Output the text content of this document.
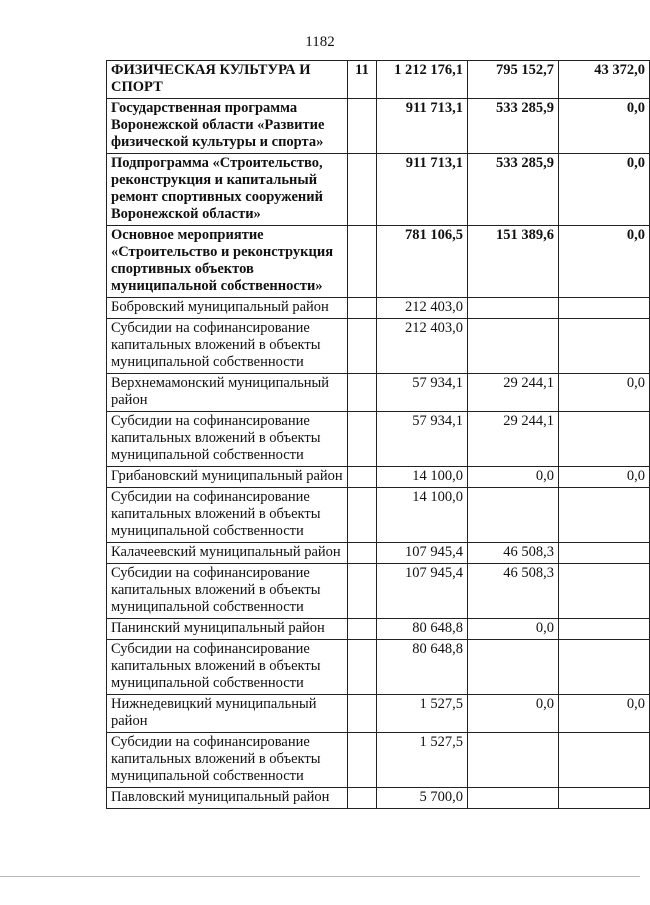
1182
ФИЗИЧЕСКАЯ КУЛЬТУРА И СПОРТ	11	1 212 176,1	795 152,7	43 372,0
Государственная программа Воронежской области «Развитие физической культуры и спорта»		911 713,1	533 285,9	0,0
Подпрограмма «Строительство, реконструкция и капитальный ремонт спортивных сооружений Воронежской области»		911 713,1	533 285,9	0,0
Основное мероприятие «Строительство и реконструкция спортивных объектов муниципальной собственности»		781 106,5	151 389,6	0,0
Бобровский муниципальный район		212 403,0		
Субсидии на софинансирование капитальных вложений в объекты муниципальной собственности		212 403,0		
Верхнемамонский муниципальный район		57 934,1	29 244,1	0,0
Субсидии на софинансирование капитальных вложений в объекты муниципальной собственности		57 934,1	29 244,1	
Грибановский муниципальный район		14 100,0	0,0	0,0
Субсидии на софинансирование капитальных вложений в объекты муниципальной собственности		14 100,0		
Калачеевский муниципальный район		107 945,4	46 508,3	
Субсидии на софинансирование капитальных вложений в объекты муниципальной собственности		107 945,4	46 508,3	
Панинский муниципальный район		80 648,8	0,0	
Субсидии на софинансирование капитальных вложений в объекты муниципальной собственности		80 648,8		
Нижнедевицкий муниципальный район		1 527,5	0,0	0,0
Субсидии на софинансирование капитальных вложений в объекты муниципальной собственности		1 527,5		
Павловский муниципальный район		5 700,0		
